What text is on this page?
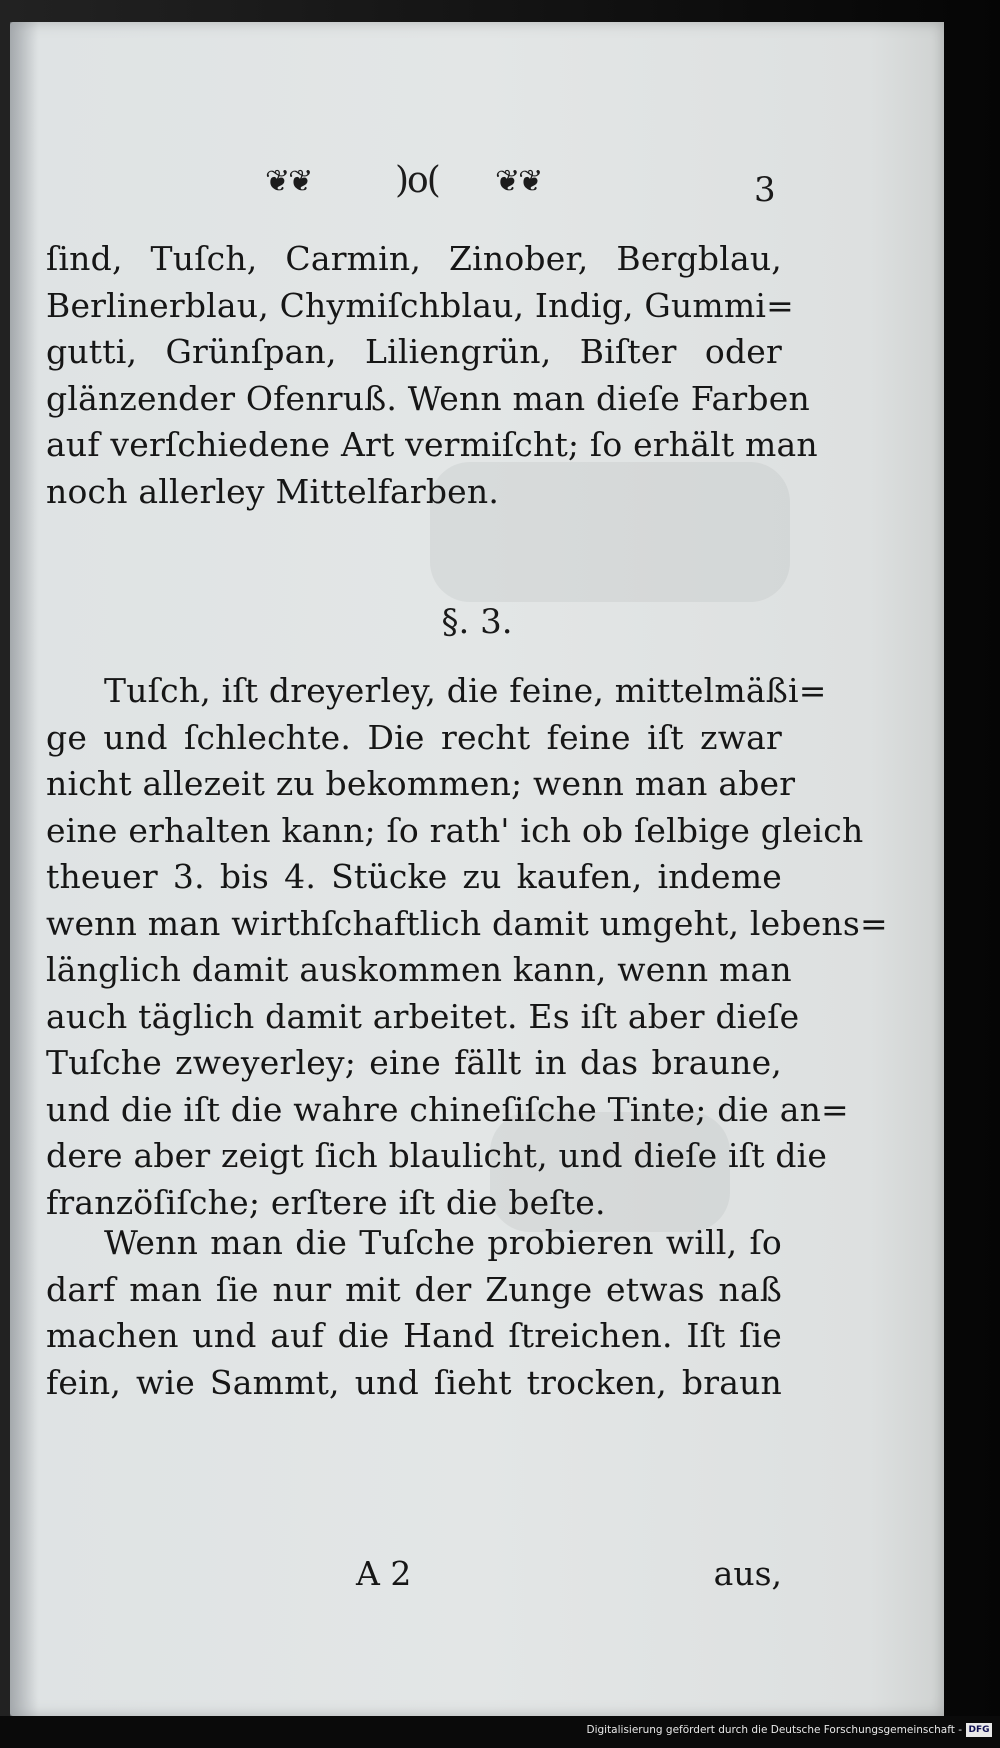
❦❦ )o( ❦❦	3
ſind, Tuſch, Carmin, Zinober, Bergblau,
Berlinerblau, Chymiſchblau, Indig, Gummi=
gutti, Grünſpan, Liliengrün, Biſter oder
glänzender Ofenruß. Wenn man dieſe Farben
auf verſchiedene Art vermiſcht; ſo erhält man
noch allerley Mittelfarben.
§. 3.
Tuſch, iſt dreyerley, die feine, mittelmäßi=
ge und ſchlechte. Die recht feine iſt zwar
nicht allezeit zu bekommen; wenn man aber
eine erhalten kann; ſo rath' ich ob ſelbige gleich
theuer 3. bis 4. Stücke zu kaufen, indeme
wenn man wirthſchaftlich damit umgeht, lebens=
länglich damit auskommen kann, wenn man
auch täglich damit arbeitet. Es iſt aber dieſe
Tuſche zweyerley; eine fällt in das braune,
und die iſt die wahre chineſiſche Tinte; die an=
dere aber zeigt ſich blaulicht, und dieſe iſt die
franzöſiſche; erſtere iſt die beſte.
Wenn man die Tuſche probieren will, ſo
darf man ſie nur mit der Zunge etwas naß
machen und auf die Hand ſtreichen. Iſt ſie
fein, wie Sammt, und ſieht trocken, braun
A 2	aus,
Digitalisierung gefördert durch die Deutsche Forschungsgemeinschaft - DFG
